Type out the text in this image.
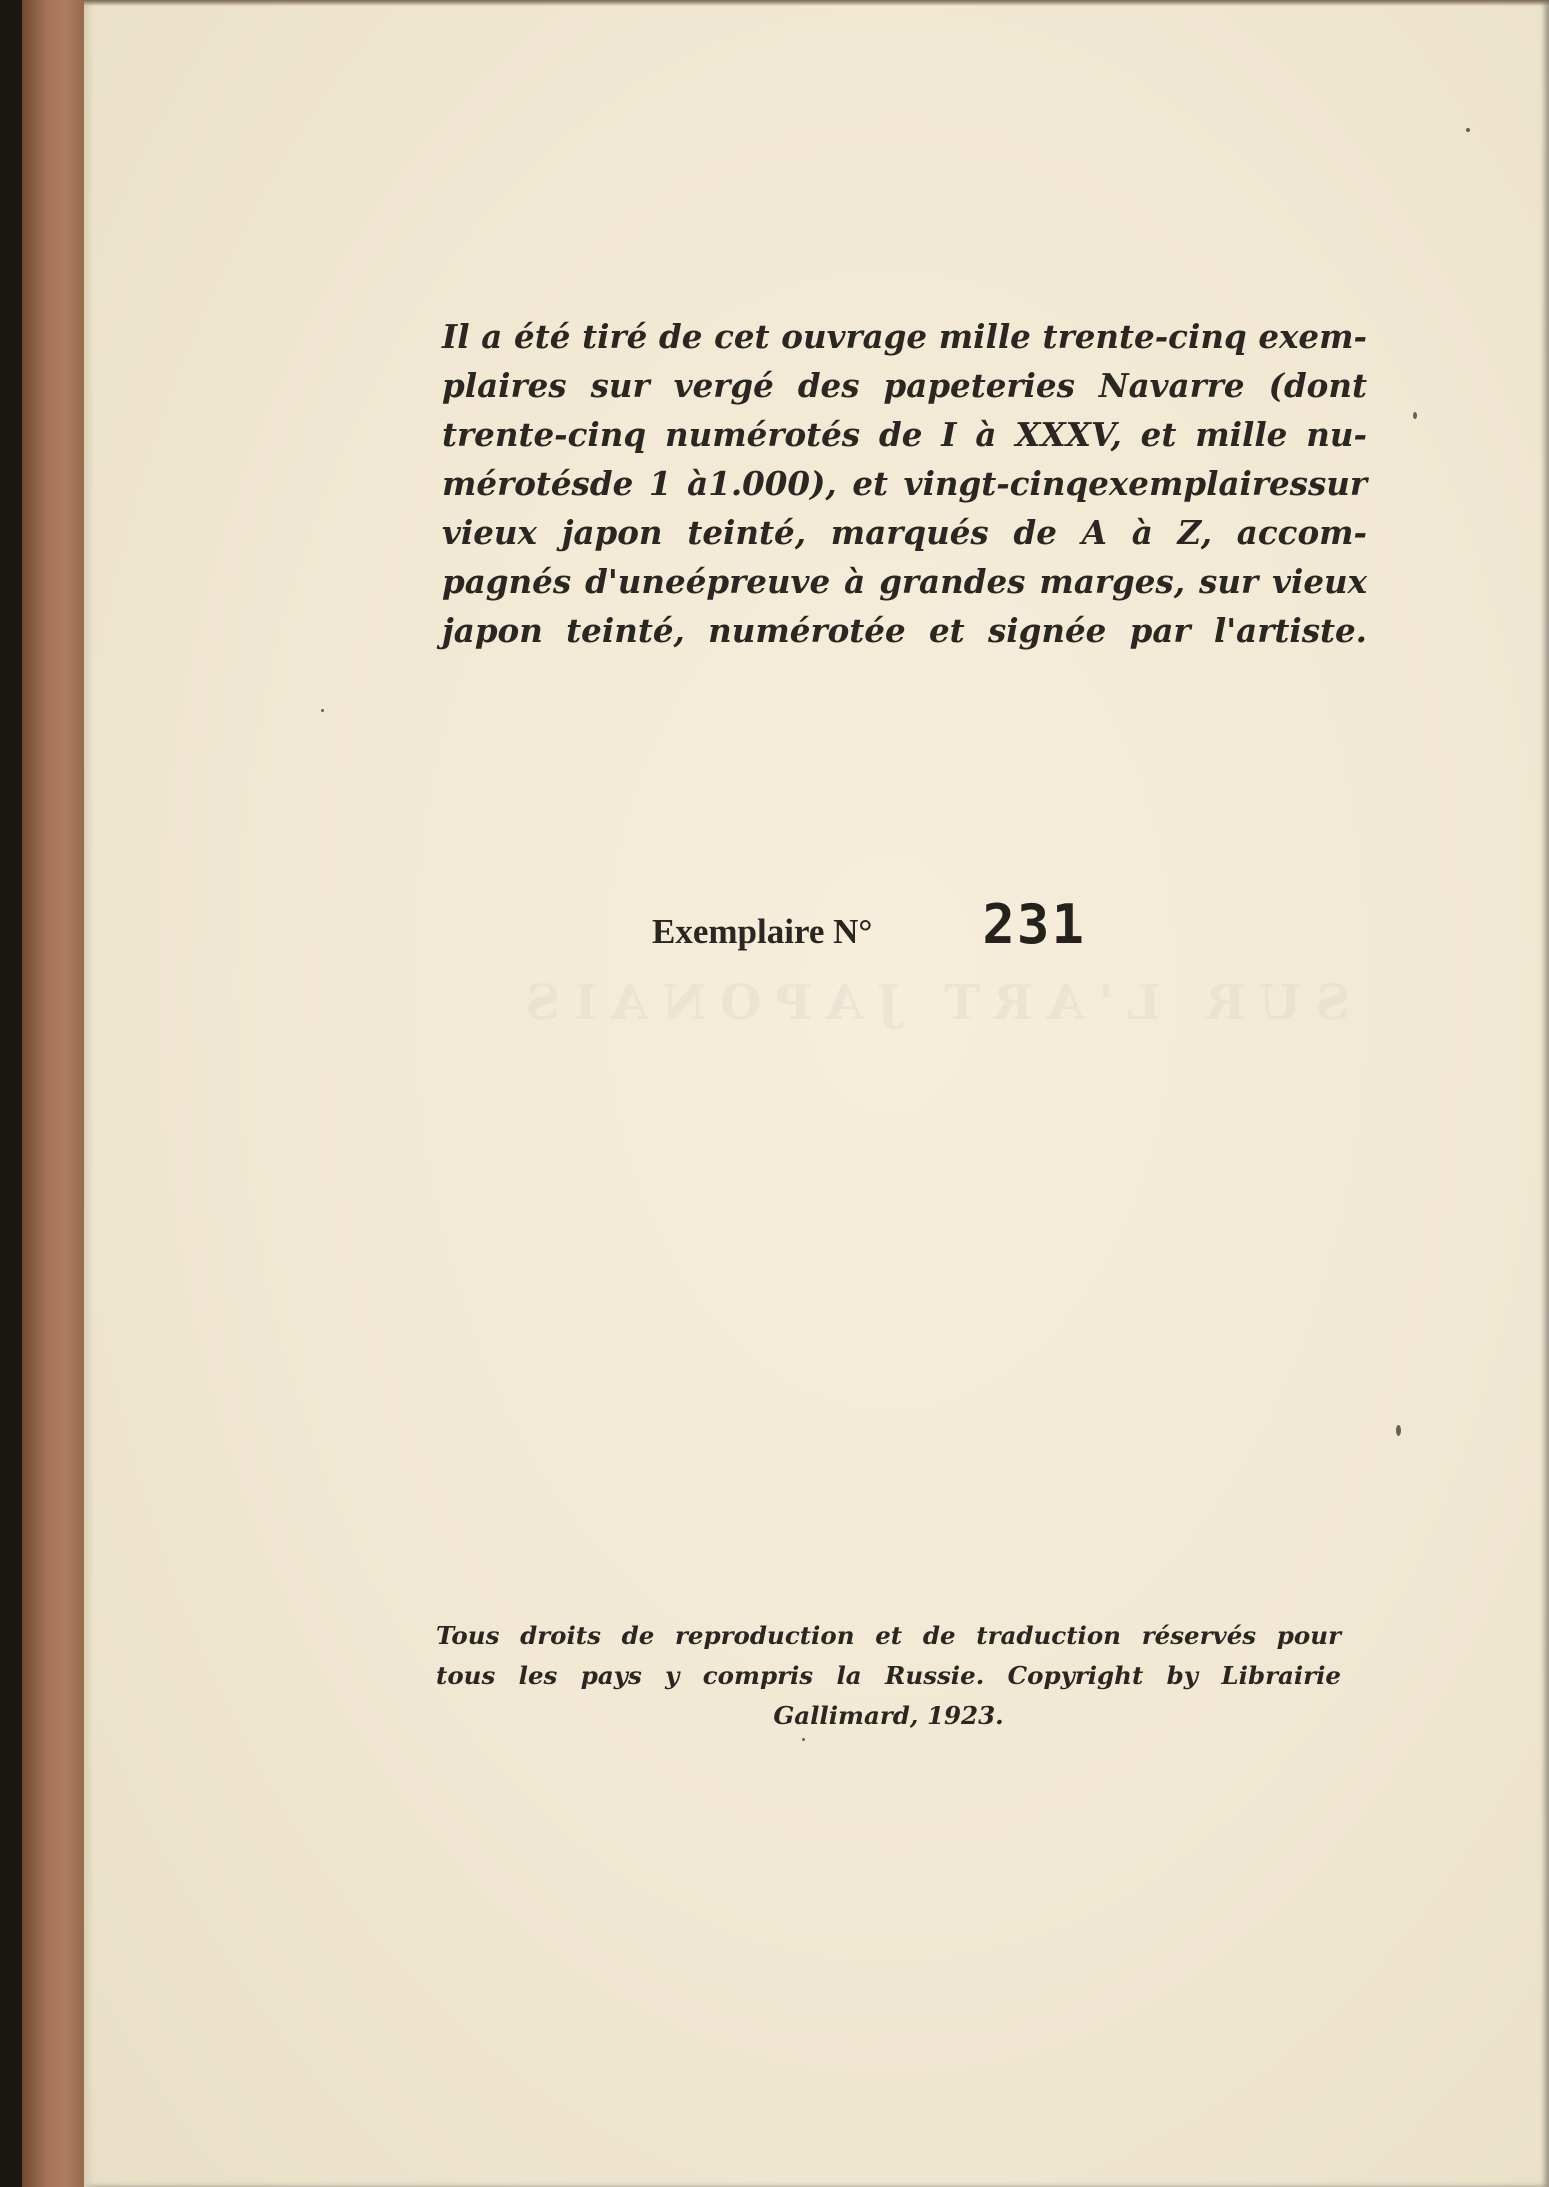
SUR L'ART JAPONAIS

Il a été tiré de cet ouvrage mille trente-cinq exem-
plaires sur vergé des papeteries Navarre (dont
trente-cinq numérotés de I à XXXV, et mille nu-
mérotésde 1 à1.000), et vingt-cinqexemplairessur
vieux japon teinté, marqués de A à Z, accom-
pagnés d'uneépreuve à grandes marges, sur vieux
japon teinté, numérotée et signée par l'artiste.

Exemplaire N° 231

Tous droits de reproduction et de traduction réservés pour
tous les pays y compris la Russie. Copyright by Librairie
Gallimard, 1923.
